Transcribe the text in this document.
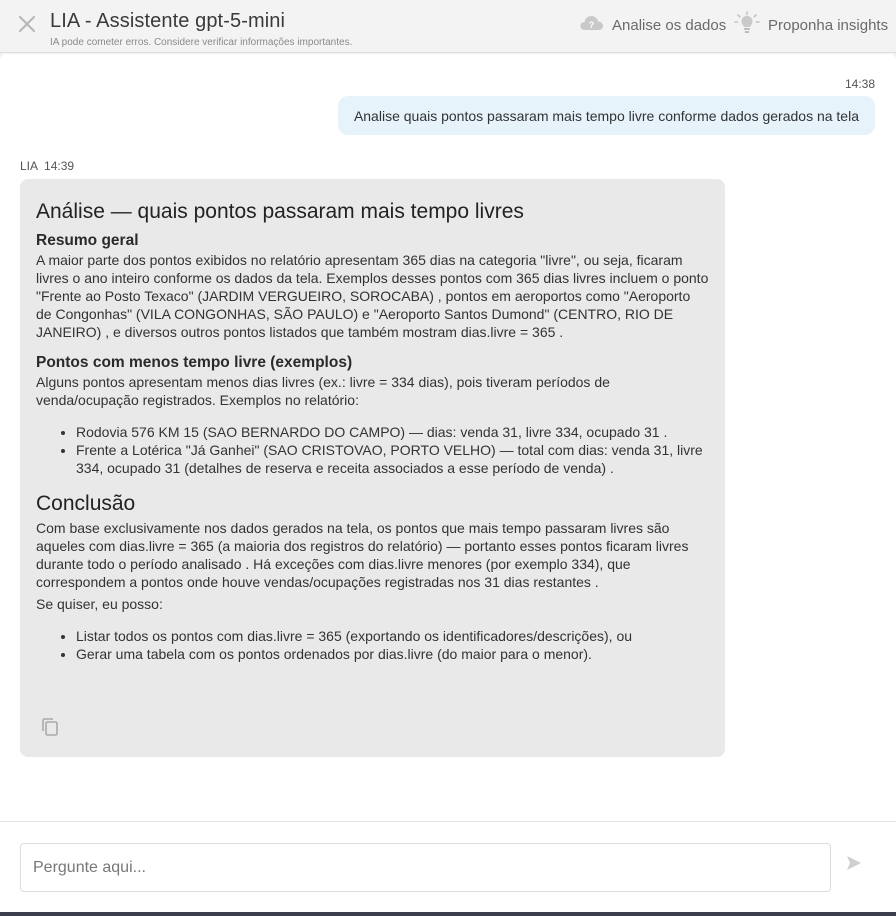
LIA - Assistente gpt-5-mini
IA pode cometer erros. Considere verificar informações importantes.
? Analise os dados	Proponha insights
14:38
Analise quais pontos passaram mais tempo livre conforme dados gerados na tela
LIA 14:39
Análise — quais pontos passaram mais tempo livres
Resumo geral

A maior parte dos pontos exibidos no relatório apresentam 365 dias na categoria "livre", ou seja, ficaram livres o ano inteiro conforme os dados da tela. Exemplos desses pontos com 365 dias livres incluem o ponto "Frente ao Posto Texaco" (JARDIM VERGUEIRO, SOROCABA) , pontos em aeroportos como "Aeroporto de Congonhas" (VILA CONGONHAS, SÃO PAULO) e "Aeroporto Santos Dumond" (CENTRO, RIO DE JANEIRO) , e diversos outros pontos listados que também mostram dias.livre = 365 .

Pontos com menos tempo livre (exemplos)

Alguns pontos apresentam menos dias livres (ex.: livre = 334 dias), pois tiveram períodos de venda/ocupação registrados. Exemplos no relatório:

• Rodovia 576 KM 15 (SAO BERNARDO DO CAMPO) — dias: venda 31, livre 334, ocupado 31 .
• Frente a Lotérica "Já Ganhei" (SAO CRISTOVAO, PORTO VELHO) — total com dias: venda 31, livre 334, ocupado 31 (detalhes de reserva e receita associados a esse período de venda) .
Conclusão

Com base exclusivamente nos dados gerados na tela, os pontos que mais tempo passaram livres são aqueles com dias.livre = 365 (a maioria dos registros do relatório) — portanto esses pontos ficaram livres durante todo o período analisado . Há exceções com dias.livre menores (por exemplo 334), que correspondem a pontos onde houve vendas/ocupações registradas nos 31 dias restantes .

Se quiser, eu posso:

• Listar todos os pontos com dias.livre = 365 (exportando os identificadores/descrições), ou
• Gerar uma tabela com os pontos ordenados por dias.livre (do maior para o menor).
Pergunte aqui...
